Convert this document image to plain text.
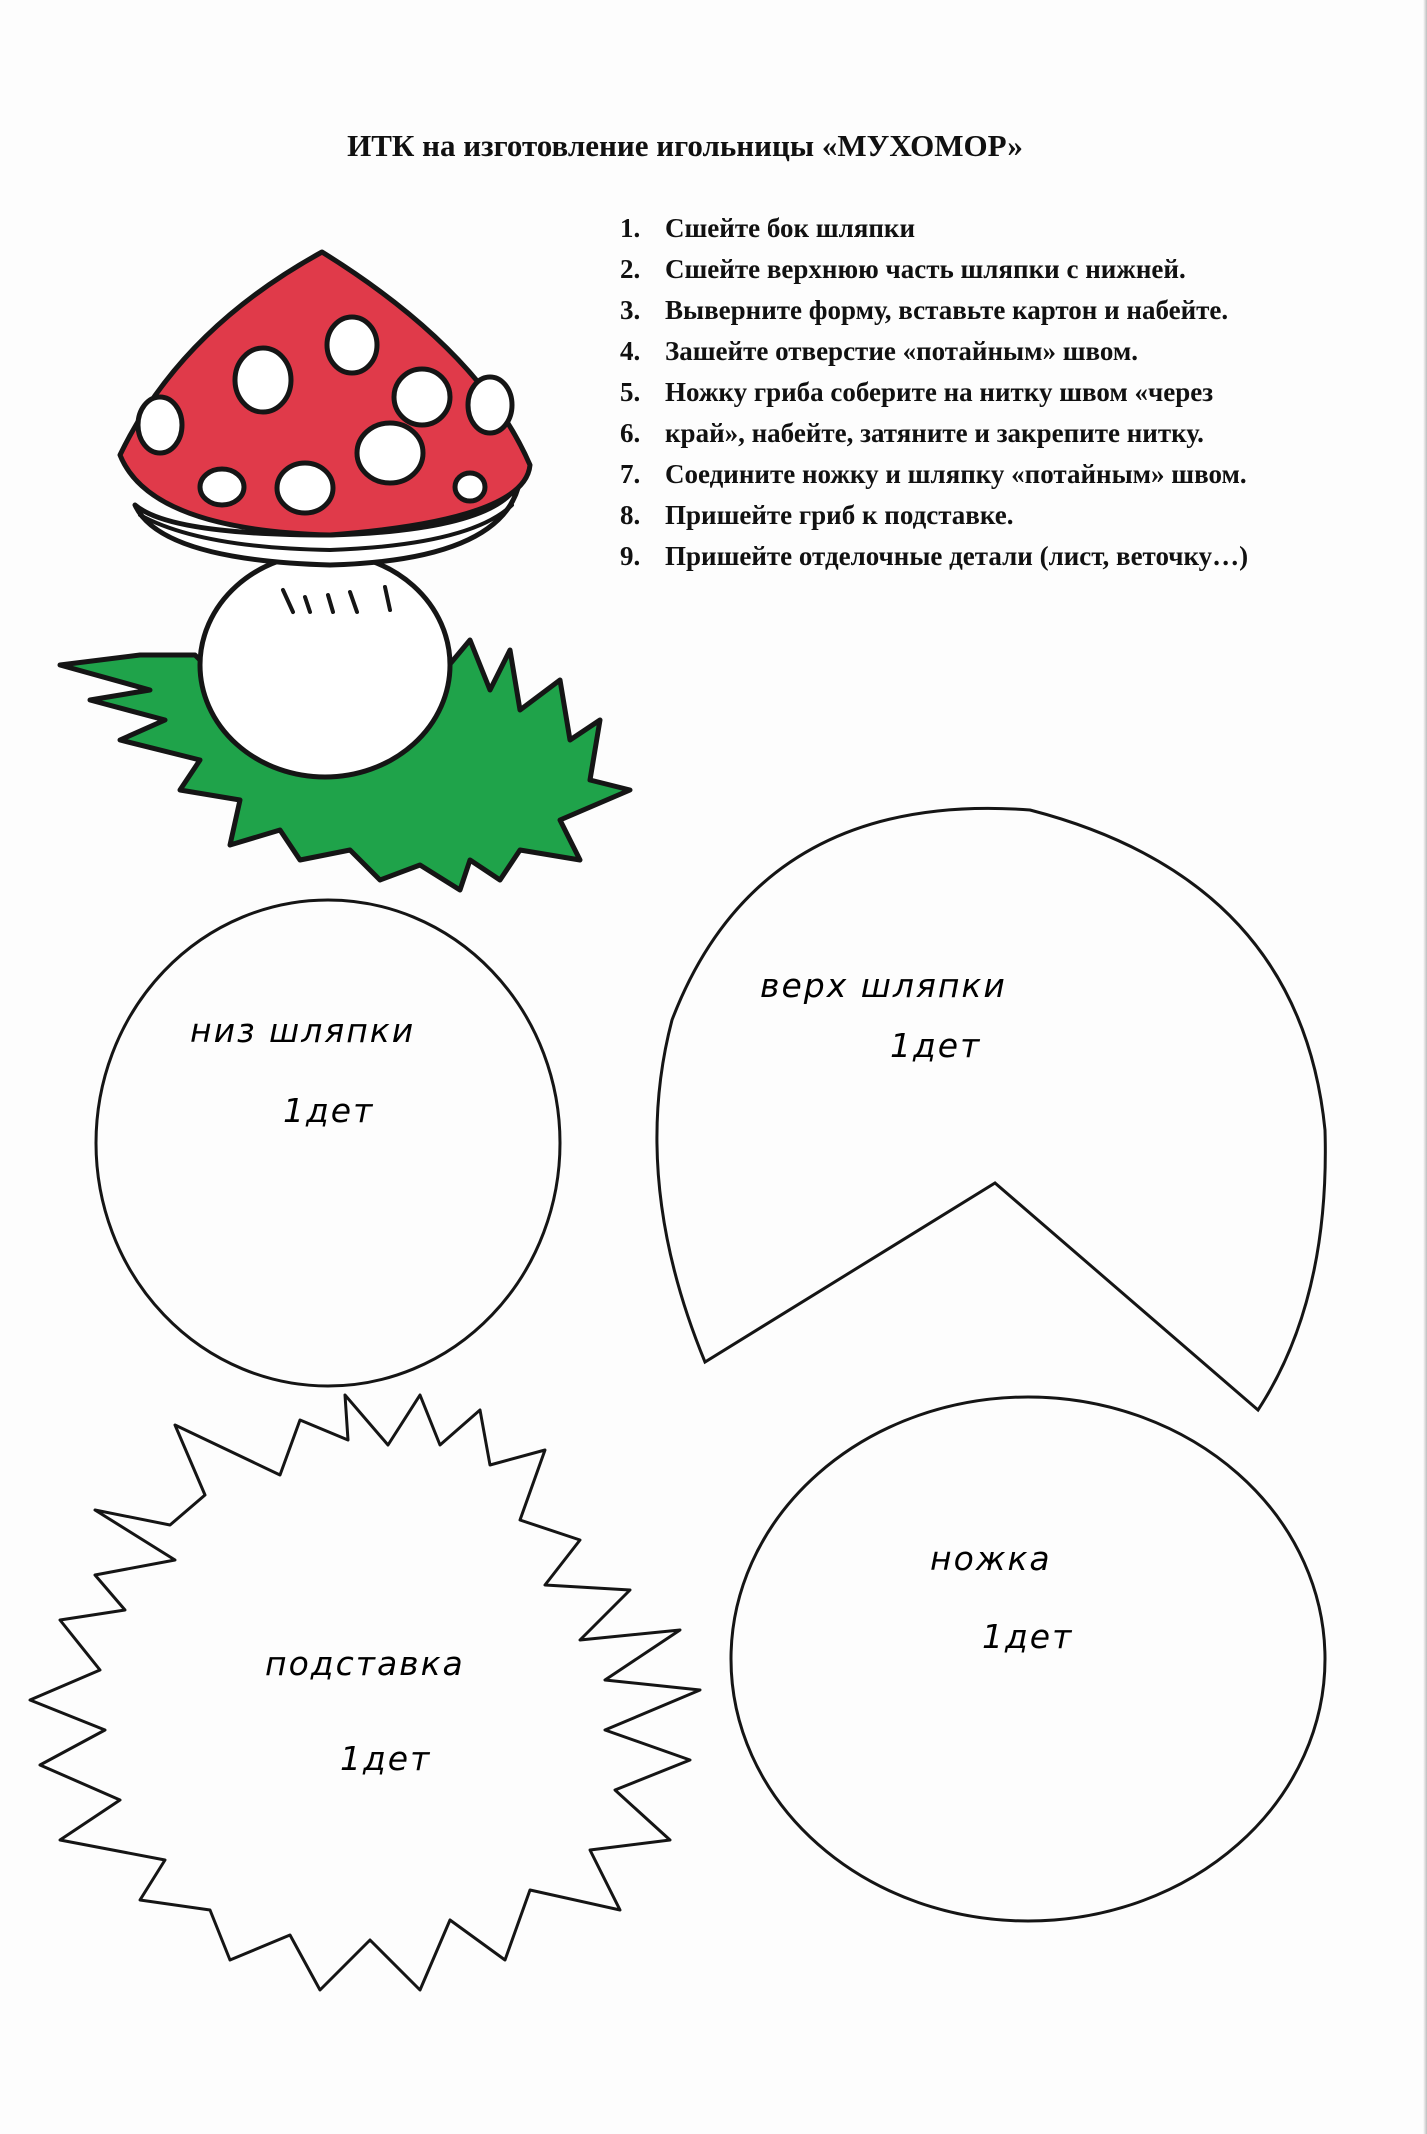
ИТК на изготовление игольницы «МУХОМОР»
1. Сшейте бок шляпки
2. Сшейте верхнюю часть шляпки с нижней.
3. Выверните форму, вставьте картон и набейте.
4. Зашейте отверстие «потайным» швом.
5. Ножку гриба соберите на нитку швом «через
6. край», набейте, затяните и закрепите нитку.
7. Соедините ножку и шляпку «потайным» швом.
8. Пришейте гриб к подставке.
9. Пришейте отделочные детали (лист, веточку…)
низ шляпки
1дет
верх шляпки
1дет
подставка
1дет
ножка
1дет
